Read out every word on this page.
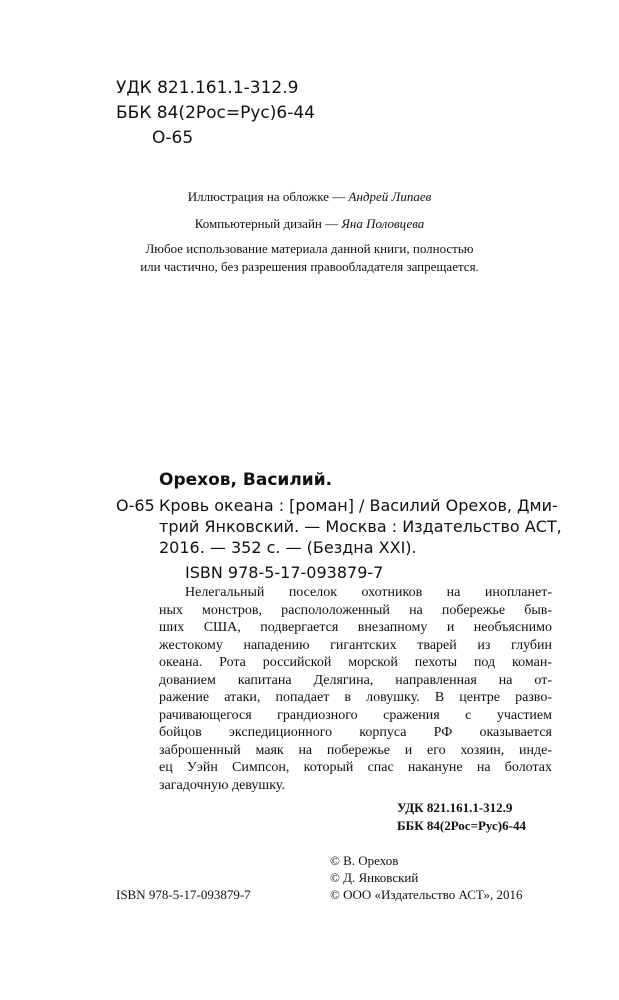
УДК 821.161.1-312.9
ББК 84(2Рос=Рус)6-44
О-65
Иллюстрация на обложке — Андрей Липаев
Компьютерный дизайн — Яна Половцева
Любое использование материала данной книги, полностью
или частично, без разрешения правообладателя запрещается.
Орехов, Василий.
О-65 Кровь океана : [роман] / Василий Орехов, Дми-
трий Янковский. — Москва : Издательство АСТ,
2016. — 352 с. — (Бездна XXI).
ISBN 978-5-17-093879-7
Нелегальный поселок охотников на инопланет-
ных монстров, распололоженный на побережье быв-
ших США, подвергается внезапному и необъяснимо
жестокому нападению гигантских тварей из глубин
океана. Рота российской морской пехоты под коман-
дованием капитана Делягина, направленная на от-
ражение атаки, попадает в ловушку. В центре разво-
рачивающегося грандиозного сражения с участием
бойцов экспедиционного корпуса РФ оказывается
заброшенный маяк на побережье и его хозяин, индe-
ец Уэйн Симпсон, который спас накануне на болотах
загадочную девушку.
УДК 821.161.1-312.9
ББК 84(2Рос=Рус)6-44
© В. Орехов
© Д. Янковский
ISBN 978-5-17-093879-7	© ООО «Издательство АСТ», 2016
